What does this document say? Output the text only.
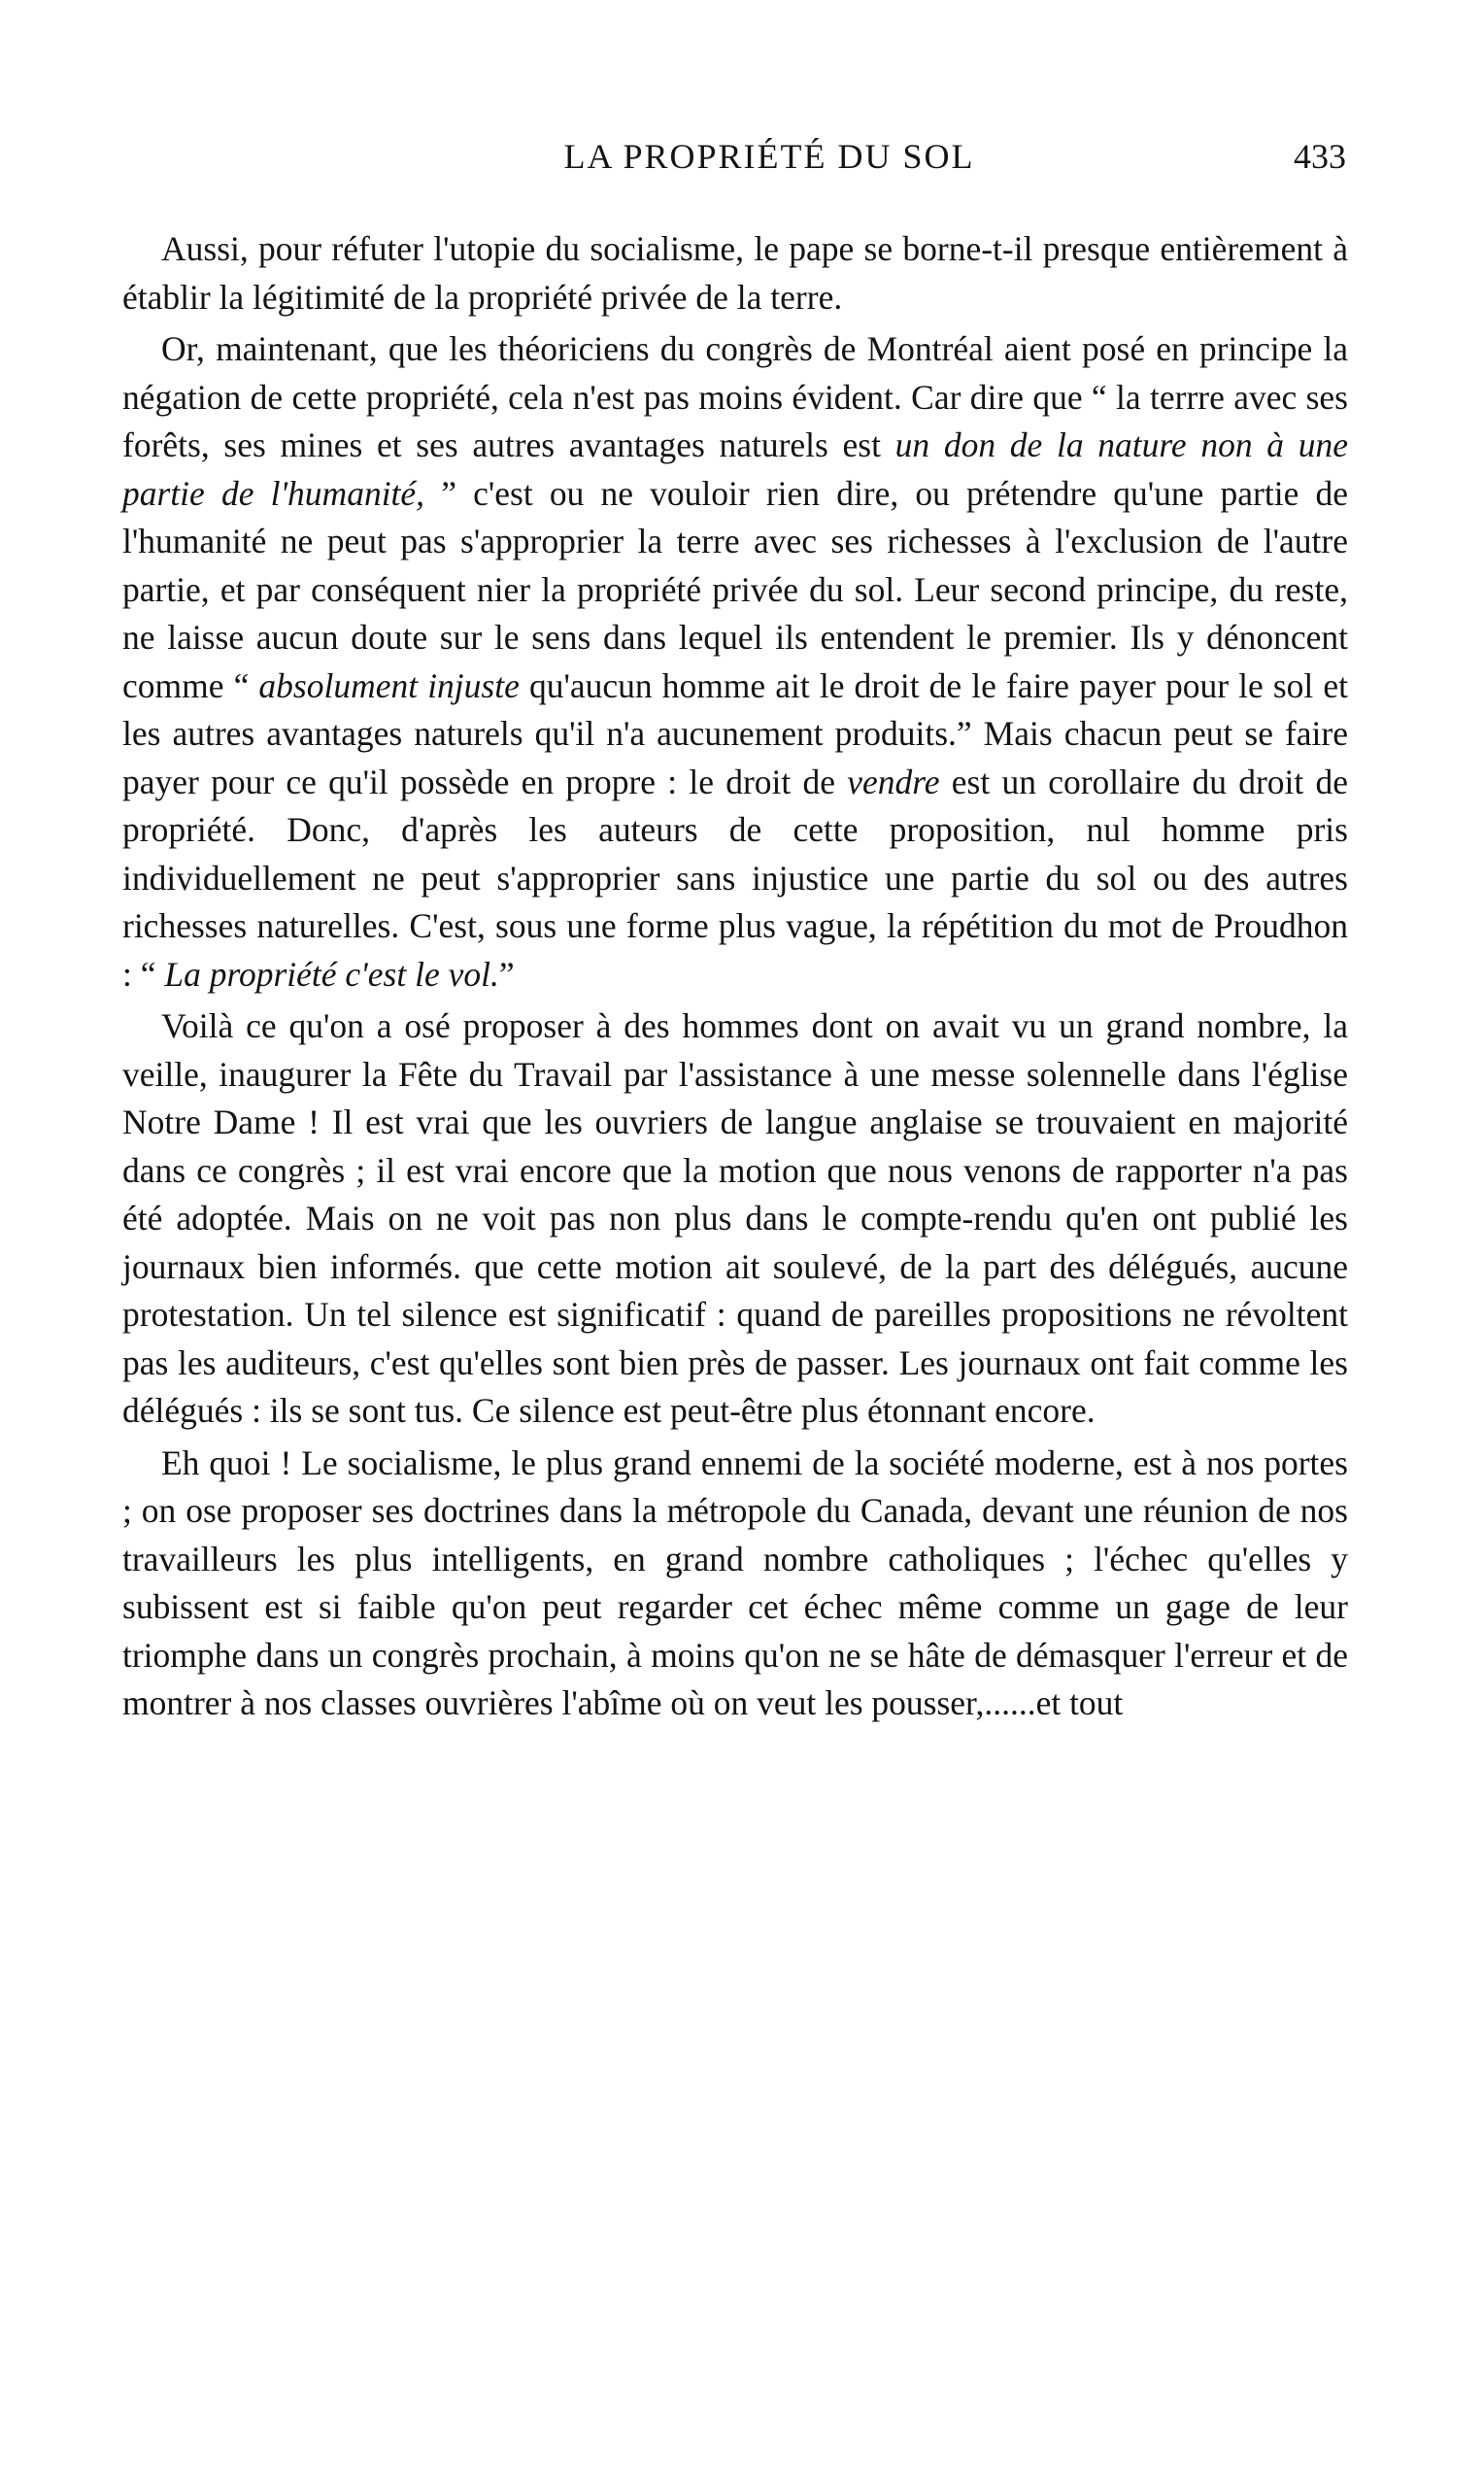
LA PROPRIÉTÉ DU SOL	433

Aussi, pour réfuter l'utopie du socialisme, le pape se borne-t-il presque entièrement à établir la légitimité de la propriété privée de la terre.

Or, maintenant, que les théoriciens du congrès de Montréal aient posé en principe la négation de cette propriété, cela n'est pas moins évident. Car dire que “ la terrre avec ses forêts, ses mines et ses autres avantages naturels est un don de la nature non à une partie de l'humanité, ” c'est ou ne vouloir rien dire, ou prétendre qu'une partie de l'humanité ne peut pas s'approprier la terre avec ses richesses à l'exclusion de l'autre partie, et par conséquent nier la propriété privée du sol. Leur second principe, du reste, ne laisse aucun doute sur le sens dans lequel ils entendent le premier. Ils y dénoncent comme “ absolument injuste qu'aucun homme ait le droit de le faire payer pour le sol et les autres avantages naturels qu'il n'a aucunement produits.” Mais chacun peut se faire payer pour ce qu'il possède en propre : le droit de vendre est un corollaire du droit de propriété. Donc, d'après les auteurs de cette proposition, nul homme pris individuellement ne peut s'approprier sans injustice une partie du sol ou des autres richesses naturelles. C'est, sous une forme plus vague, la répétition du mot de Proudhon : “ La propriété c'est le vol.”

Voilà ce qu'on a osé proposer à des hommes dont on avait vu un grand nombre, la veille, inaugurer la Fête du Travail par l'assistance à une messe solennelle dans l'église Notre Dame ! Il est vrai que les ouvriers de langue anglaise se trouvaient en majorité dans ce congrès ; il est vrai encore que la motion que nous venons de rapporter n'a pas été adoptée. Mais on ne voit pas non plus dans le compte-rendu qu'en ont publié les journaux bien informés. que cette motion ait soulevé, de la part des délégués, aucune protestation. Un tel silence est significatif : quand de pareilles propositions ne révoltent pas les auditeurs, c'est qu'elles sont bien près de passer. Les journaux ont fait comme les délégués : ils se sont tus. Ce silence est peut-être plus étonnant encore.

Eh quoi ! Le socialisme, le plus grand ennemi de la société moderne, est à nos portes ; on ose proposer ses doctrines dans la métropole du Canada, devant une réunion de nos travailleurs les plus intelligents, en grand nombre catholiques ; l'échec qu'elles y subissent est si faible qu'on peut regarder cet échec même comme un gage de leur triomphe dans un congrès prochain, à moins qu'on ne se hâte de démasquer l'erreur et de montrer à nos classes ouvrières l'abîme où on veut les pousser,......et tout
